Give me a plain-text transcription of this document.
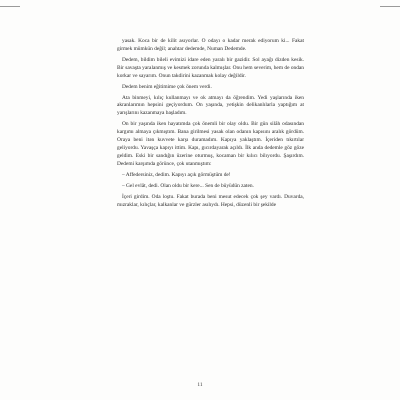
yasak. Koca bir de kilit asıyorlar. O odayı o kadar merak ediyorum ki... Fakat girmek mümkün değil; anahtar dedemde, Numan Dedemde.

Dedem, bildim bileli evimizi idare eden yaralı bir gazidir. Sol ayağı dizden kesik. Bir savaşta yaralanmış ve kesmek zorunda kalmışlar. Onu hem severim, hem de ondan korkar ve sayarım. Onun takdirini kazanmak kolay değildir.

Dedem benim eğitimime çok önem verdi.

Ata binmeyi, kılıç kullanmayı ve ok atmayı da öğrendim. Yedi yaşlarında iken akranlarımın hepsini geçiyordum. On yaşında, yetişkin delikanlılarla yaptığım at yarışlarını kazanmaya başladım.

On bir yaşında iken hayatımda çok önemli bir olay oldu. Bir gün silâh odasından kargımı almaya çıkmıştım. Bana girilmesi yasak olan odanın kapısını aralık gördüm. Oraya beni itən kuvvete karşı duramadım. Kapıya yaklaştım. İçeriden tıkırtılar geliyordu. Yavaşça kapıyı ittim. Kapı, gıcırdayarak açıldı. İlk anda dedemle göz göze geldim. Eski bir sandığın üzerine oturmuş, kocaman bir kılıcı bilıyordu. Şaşırdım. Dedemi karşımda görünce, çok utanmıştım:

– Affedersiniz, dedim. Kapıyı açık görmüştüm de!

– Gel evlât, dedi. Olan oldu bir kere... Sen de büyüdün zaten.

İçeri girdim. Oda loştu. Fakat burada beni mesut edecek çok şey vardı. Duvarda, mızraklar, kılıçlar, kalkanlar ve gürzler asılıydı. Hepsi, düzenli bir şekilde

11
